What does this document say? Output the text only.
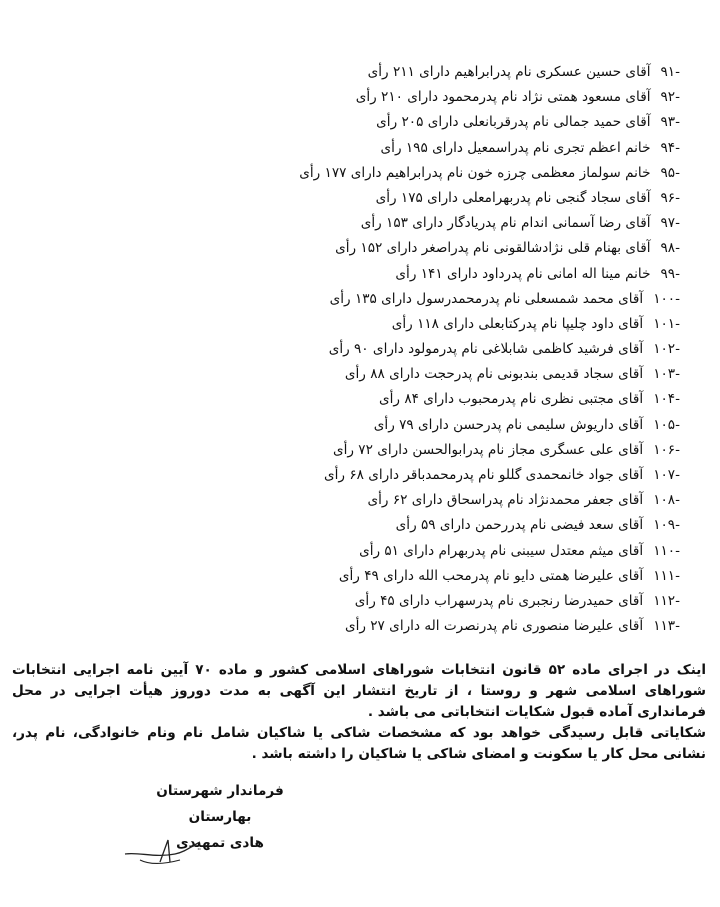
-۹۱آقای حسین عسکری نام پدرابراهیم دارای ۲۱۱ رأی
-۹۲آقای مسعود همتی نژاد نام پدرمحمود دارای ۲۱۰ رأی
-۹۳آقای حمید جمالی نام پدرقربانعلی دارای ۲۰۵ رأی
-۹۴خانم اعظم تجری نام پدراسمعیل دارای ۱۹۵ رأی
-۹۵خانم سولماز معظمی چرزه خون نام پدرابراهیم دارای ۱۷۷ رأی
-۹۶آقای سجاد گنجی نام پدربهرامعلی دارای ۱۷۵ رأی
-۹۷آقای رضا آسمانی اندام نام پدریادگار دارای ۱۵۳ رأی
-۹۸آقای بهنام قلی نژادشالقونی نام پدراصغر دارای ۱۵۲ رأی
-۹۹خانم مینا اله امانی نام پدرداود دارای ۱۴۱ رأی
-۱۰۰آقای محمد شمسعلی نام پدرمحمدرسول دارای ۱۳۵ رأی
-۱۰۱آقای داود چلیپا نام پدرکتابعلی دارای ۱۱۸ رأی
-۱۰۲آقای فرشید کاظمی شابلاغی نام پدرمولود دارای ۹۰ رأی
-۱۰۳آقای سجاد قدیمی بندبونی نام پدرحجت دارای ۸۸ رأی
-۱۰۴آقای مجتبی نظری نام پدرمحبوب دارای ۸۴ رأی
-۱۰۵آقای داریوش سلیمی نام پدرحسن دارای ۷۹ رأی
-۱۰۶آقای علی عسگری مجاز نام پدرابوالحسن دارای ۷۲ رأی
-۱۰۷آقای جواد خانمحمدی گللو نام پدرمحمدباقر دارای ۶۸ رأی
-۱۰۸آقای جعفر محمدنژاد نام پدراسحاق دارای ۶۲ رأی
-۱۰۹آقای سعد فیضی نام پدررحمن دارای ۵۹ رأی
-۱۱۰آقای میثم معتدل سیبنی نام پدربهرام دارای ۵۱ رأی
-۱۱۱آقای علیرضا همتی دایو نام پدرمحب الله دارای ۴۹ رأی
-۱۱۲آقای حمیدرضا رنجبری نام پدرسهراب دارای ۴۵ رأی
-۱۱۳آقای علیرضا منصوری نام پدرنصرت اله دارای ۲۷ رأی

اینک در اجرای ماده ۵۲ قانون انتخابات شوراهای اسلامی کشور و ماده ۷۰ آیین نامه اجرایی انتخابات شوراهای اسلامی شهر و روستا ، از تاریخ انتشار این آگهی به مدت دوروز هیأت اجرایی در محل فرمانداری آماده قبول شکایات انتخاباتی می باشد .

شکایاتی قابل رسیدگی خواهد بود که مشخصات شاکی یا شاکیان شامل نام ونام خانوادگی، نام پدر، نشانی محل کار یا سکونت و امضای شاکی یا شاکیان را داشته باشد .

فرماندار شهرستان بهارستان
هادی تمهیدی
